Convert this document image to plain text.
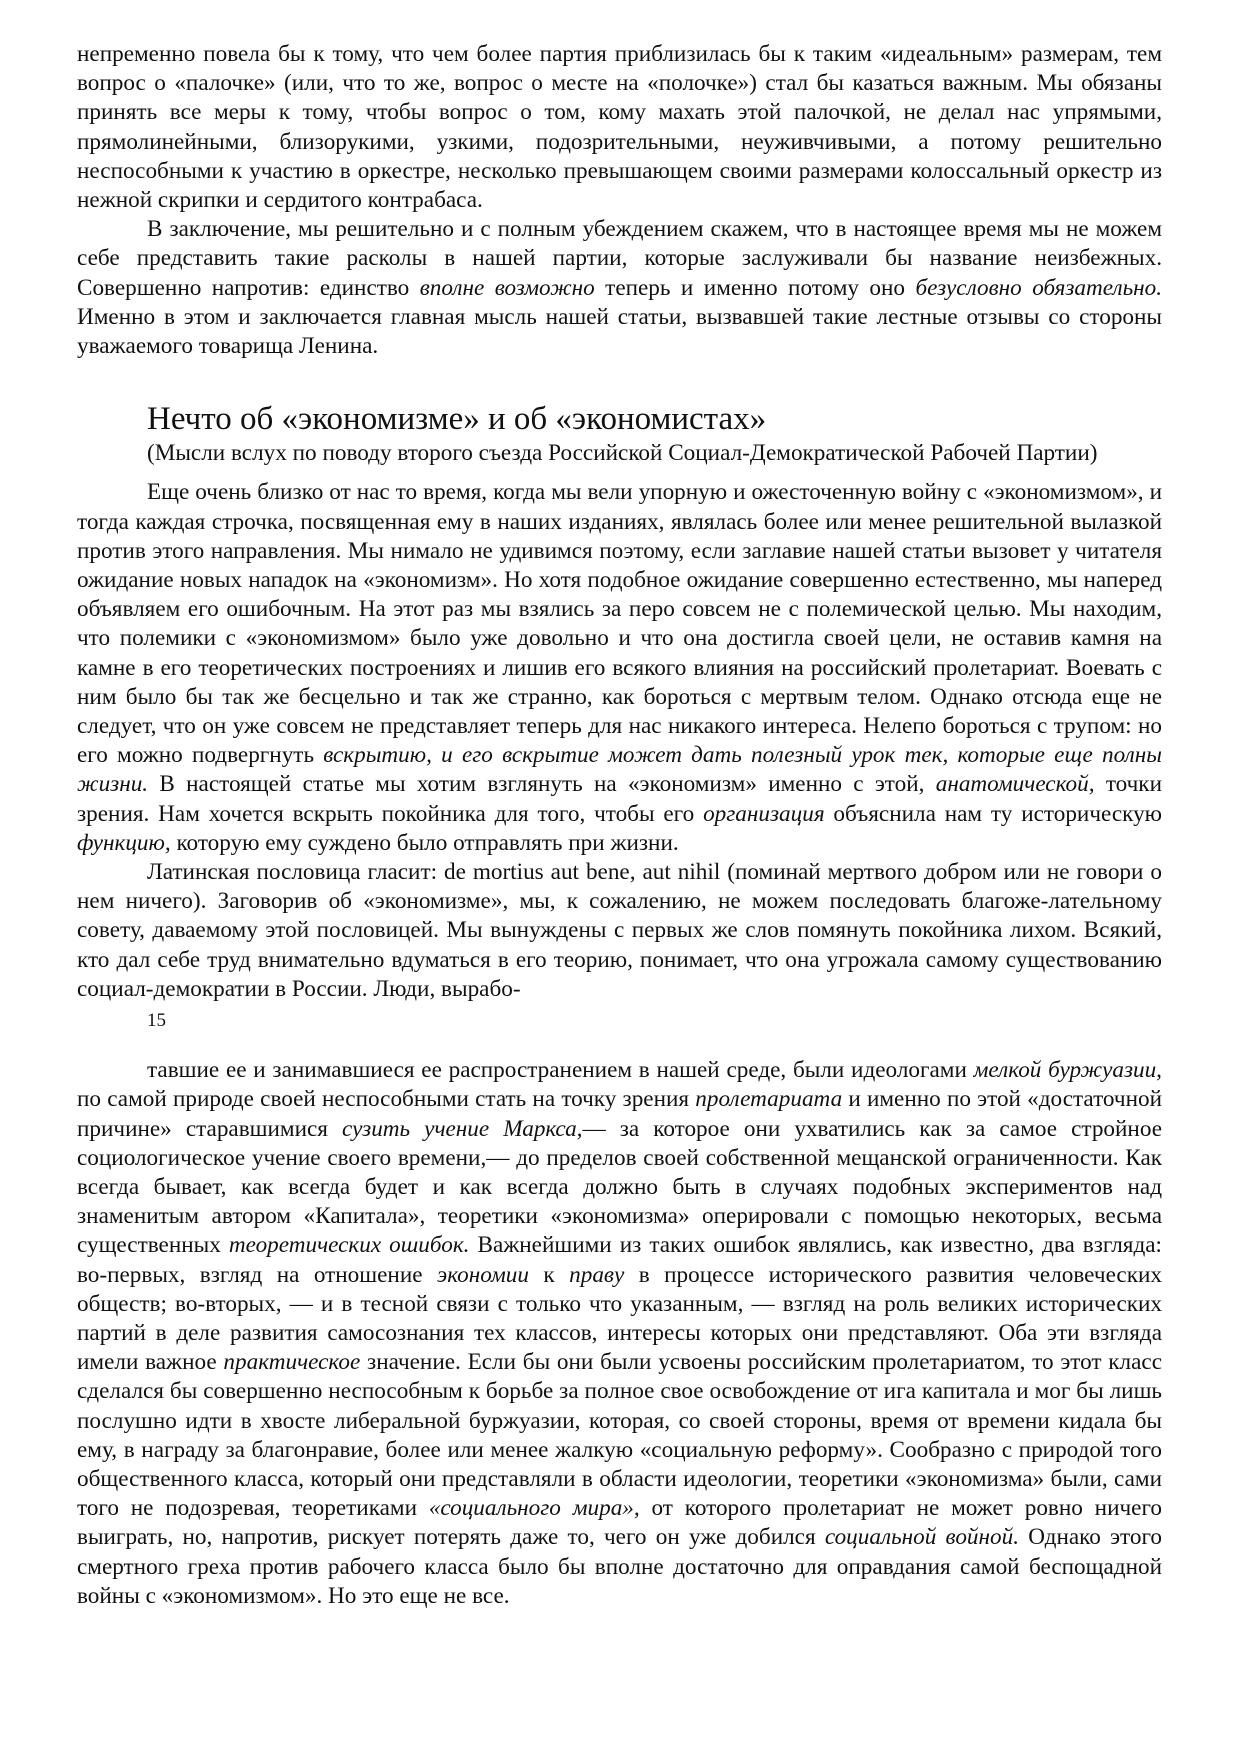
непременно повела бы к тому, что чем более партия приблизилась бы к таким «идеальным» размерам, тем вопрос о «палочке» (или, что то же, вопрос о месте на «полочке») стал бы казаться важным. Мы обязаны принять все меры к тому, чтобы вопрос о том, кому махать этой палочкой, не делал нас упрямыми, прямолинейными, близорукими, узкими, подозрительными, неуживчивыми, а потому решительно неспособными к участию в оркестре, несколько превышающем своими размерами колоссальный оркестр из нежной скрипки и сердитого контрабаса.

В заключение, мы решительно и с полным убеждением скажем, что в настоящее время мы не можем себе представить такие расколы в нашей партии, которые заслуживали бы название неизбежных. Совершенно напротив: единство вполне возможно теперь и именно потому оно безусловно обязательно. Именно в этом и заключается главная мысль нашей статьи, вызвавшей такие лестные отзывы со стороны уважаемого товарища Ленина.

Нечто об «экономизме» и об «экономистах»

(Мысли вслух по поводу второго съезда Российской Социал-Демократической Рабочей Партии)

Еще очень близко от нас то время, когда мы вели упорную и ожесточенную войну с «экономизмом», и тогда каждая строчка, посвященная ему в наших изданиях, являлась более или менее решительной вылазкой против этого направления. Мы нимало не удивимся поэтому, если заглавие нашей статьи вызовет у читателя ожидание новых нападок на «экономизм». Но хотя подобное ожидание совершенно естественно, мы наперед объявляем его ошибочным. На этот раз мы взялись за перо совсем не с полемической целью. Мы находим, что полемики с «экономизмом» было уже довольно и что она достигла своей цели, не оставив камня на камне в его теоретических построениях и лишив его всякого влияния на российский пролетариат. Воевать с ним было бы так же бесцельно и так же странно, как бороться с мертвым телом. Однако отсюда еще не следует, что он уже совсем не представляет теперь для нас никакого интереса. Нелепо бороться с трупом: но его можно подвергнуть вскрытию, и его вскрытие может дать полезный урок тек, которые еще полны жизни. В настоящей статье мы хотим взглянуть на «экономизм» именно с этой, анатомической, точки зрения. Нам хочется вскрыть покойника для того, чтобы его организация объяснила нам ту историческую функцию, которую ему суждено было отправлять при жизни.

Латинская пословица гласит: de mortius aut bene, aut nihil (поминай мертвого добром или не говори о нем ничего). Заговорив об «экономизме», мы, к сожалению, не можем последовать благоже-лательному совету, даваемому этой пословицей. Мы вынуждены с первых же слов помянуть покойника лихом. Всякий, кто дал себе труд внимательно вдуматься в его теорию, понимает, что она угрожала самому существованию социал-демократии в России. Люди, вырабо-

15

тавшие ее и занимавшиеся ее распространением в нашей среде, были идеологами мелкой буржуазии, по самой природе своей неспособными стать на точку зрения пролетариата и именно по этой «достаточной причине» старавшимися сузить учение Маркса,— за которое они ухватились как за самое стройное социологическое учение своего времени,— до пределов своей собственной мещанской ограниченности. Как всегда бывает, как всегда будет и как всегда должно быть в случаях подобных экспериментов над знаменитым автором «Капитала», теоретики «экономизма» оперировали с помощью некоторых, весьма существенных теоретических ошибок. Важнейшими из таких ошибок являлись, как известно, два взгляда: во-первых, взгляд на отношение экономии к праву в процессе исторического развития человеческих обществ; во-вторых, — и в тесной связи с только что указанным, — взгляд на роль великих исторических партий в деле развития самосознания тех классов, интересы которых они представляют. Оба эти взгляда имели важное практическое значение. Если бы они были усвоены российским пролетариатом, то этот класс сделался бы совершенно неспособным к борьбе за полное свое освобождение от ига капитала и мог бы лишь послушно идти в хвосте либеральной буржуазии, которая, со своей стороны, время от времени кидала бы ему, в награду за благонравие, более или менее жалкую «социальную реформу». Сообразно с природой того общественного класса, который они представляли в области идеологии, теоретики «экономизма» были, сами того не подозревая, теоретиками «социального мира», от которого пролетариат не может ровно ничего выиграть, но, напротив, рискует потерять даже то, чего он уже добился социальной войной. Однако этого смертного греха против рабочего класса было бы вполне достаточно для оправдания самой беспощадной войны с «экономизмом». Но это еще не все.
